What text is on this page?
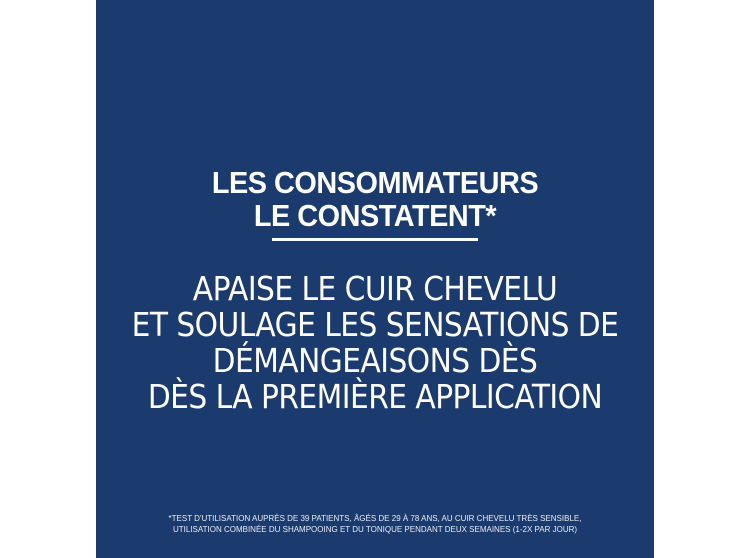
LES CONSOMMATEURS
LE CONSTATENT*
APAISE LE CUIR CHEVELU
ET SOULAGE LES SENSATIONS DE
DÉMANGEAISONS DÈS
DÈS LA PREMIÈRE APPLICATION
*TEST D'UTILISATION AUPRÈS DE 39 PATIENTS, ÂGÉS DE 29 À 78 ANS, AU CUIR CHEVELU TRÈS SENSIBLE,
UTILISATION COMBINÉE DU SHAMPOOING ET DU TONIQUE PENDANT DEUX SEMAINES (1-2X PAR JOUR)
